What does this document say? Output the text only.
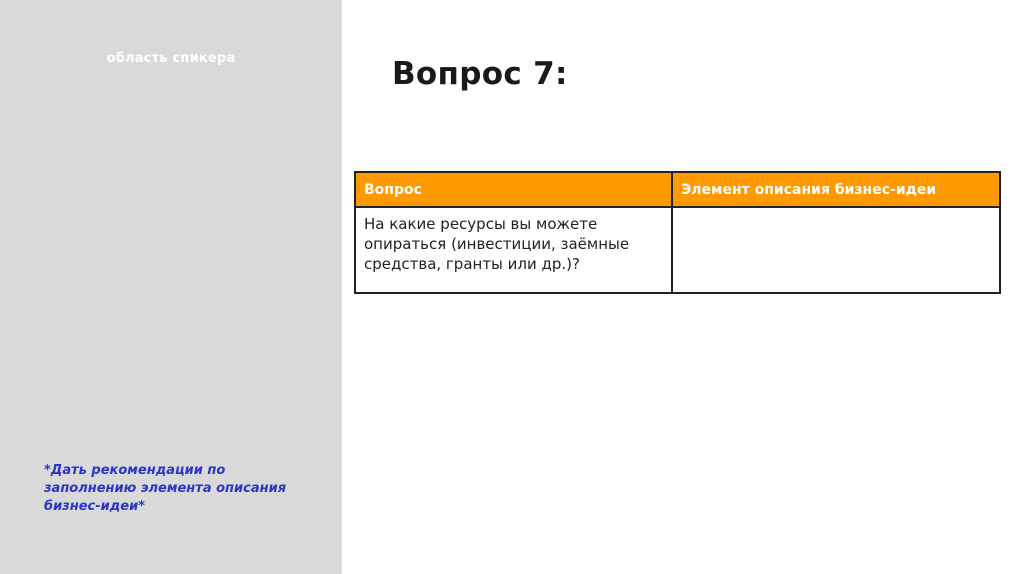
область спикера
*Дать рекомендации по заполнению элемента описания бизнес-идеи*
Вопрос 7:
Вопрос	Элемент описания бизнес-идеи
На какие ресурсы вы можете опираться (инвестиции, заёмные средства, гранты или др.)?	
